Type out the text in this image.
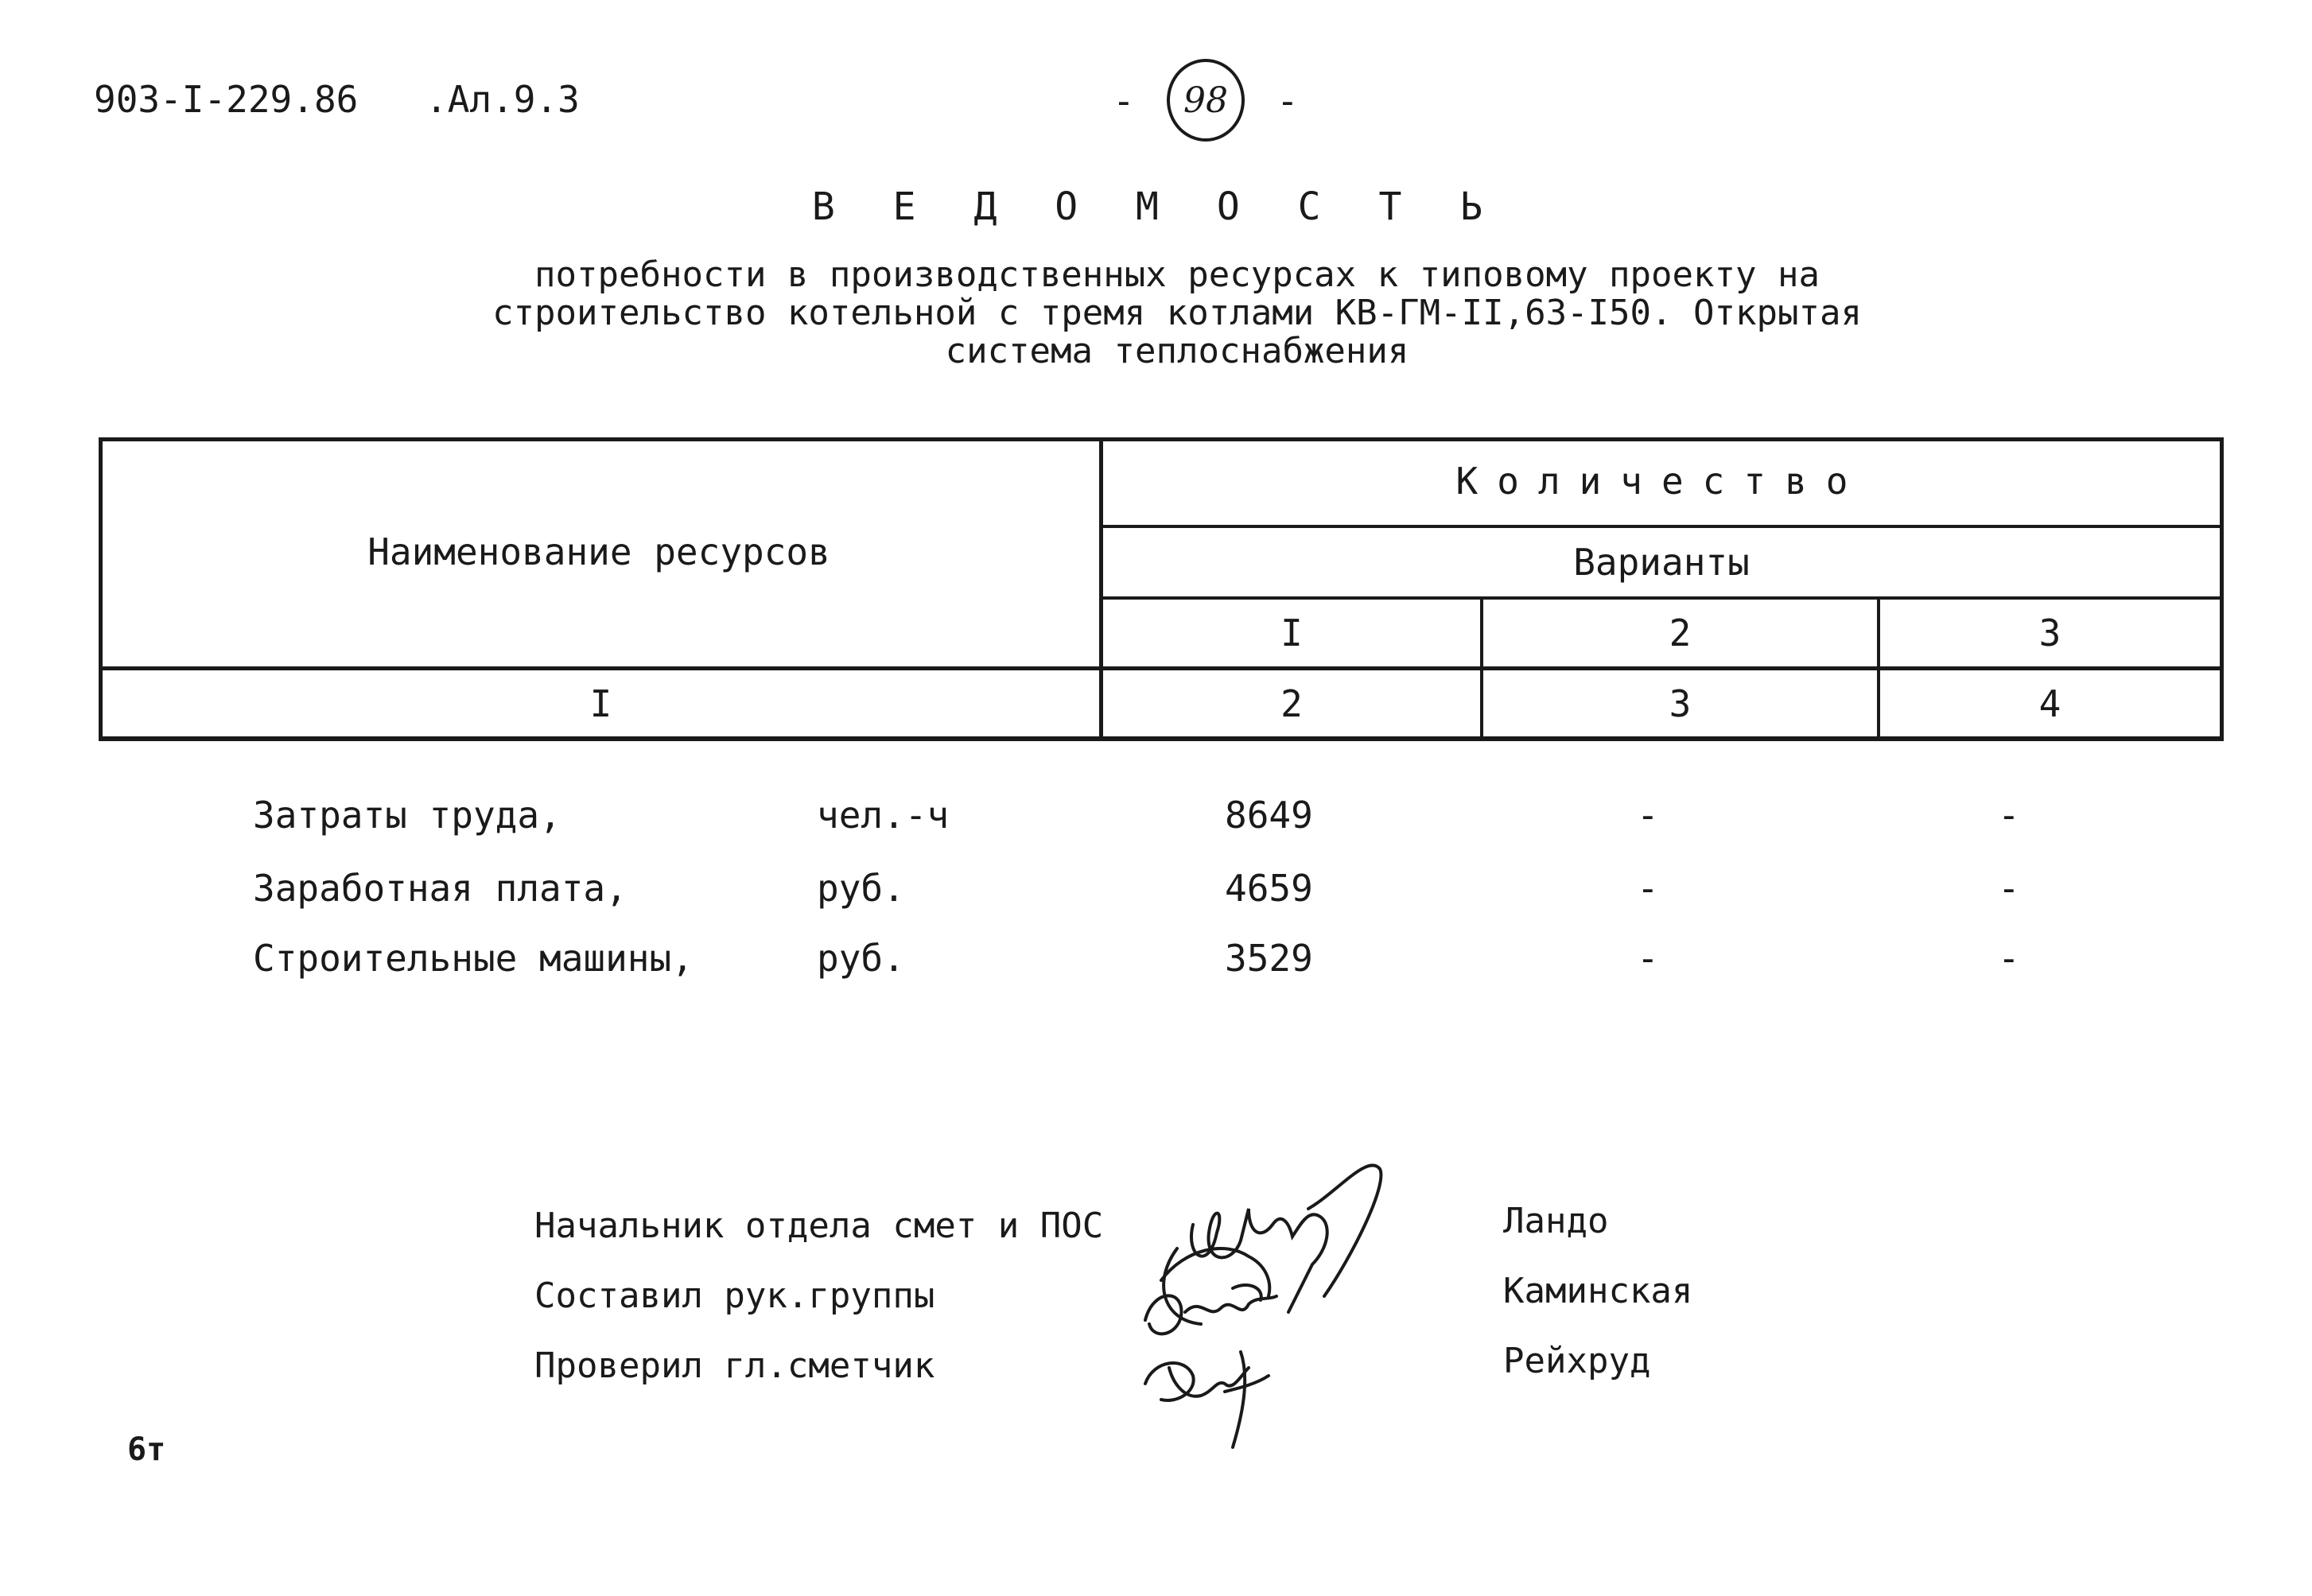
903-I-229.86 .Ал.9.3	-	98	-
В Е Д О М О С Т Ь
потребности в производственных ресурсах к типовому проекту на
строительство котельной с тремя котлами КВ-ГМ-II,63-I50. Открытая
система теплоснабжения
Наименование ресурсов
Количество
Варианты
I	2	3
I	2	3	4
Затраты труда,	чел.-ч	8649	-	-
Заработная плата,	руб.	4659	-	-
Строительные машины,	руб.	3529	-	-
Начальник отдела смет и ПОС	Ландо
Составил рук.группы	Каминская
Проверил гл.сметчик	Рейхруд
6т
